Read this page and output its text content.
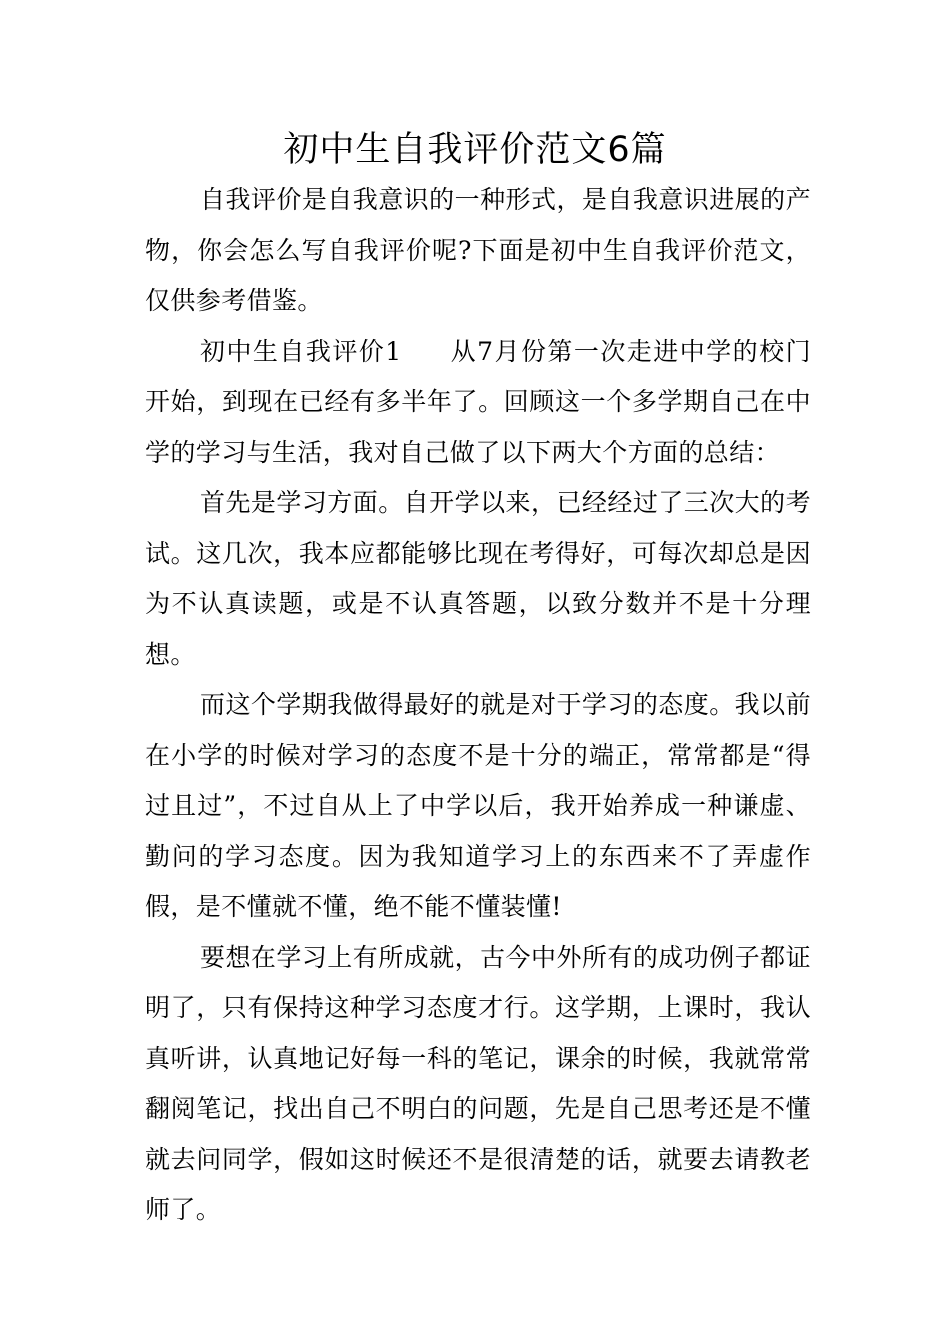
初中生自我评价范文6篇

自我评价是自我意识的一种形式，是自我意识进展的产物，你会怎么写自我评价呢?下面是初中生自我评价范文，仅供参考借鉴。

初中生自我评价1 从7月份第一次走进中学的校门开始，到现在已经有多半年了。回顾这一个多学期自己在中学的学习与生活，我对自己做了以下两大个方面的总结：

首先是学习方面。自开学以来，已经经过了三次大的考试。这几次，我本应都能够比现在考得好，可每次却总是因为不认真读题，或是不认真答题，以致分数并不是十分理想。

而这个学期我做得最好的就是对于学习的态度。我以前在小学的时候对学习的态度不是十分的端正，常常都是“得过且过”，不过自从上了中学以后，我开始养成一种谦虚、勤问的学习态度。因为我知道学习上的东西来不了弄虚作假，是不懂就不懂，绝不能不懂装懂!

要想在学习上有所成就，古今中外所有的成功例子都证明了，只有保持这种学习态度才行。这学期，上课时，我认真听讲，认真地记好每一科的笔记，课余的时候，我就常常翻阅笔记，找出自己不明白的问题，先是自己思考还是不懂就去问同学，假如这时候还不是很清楚的话，就要去请教老师了。
